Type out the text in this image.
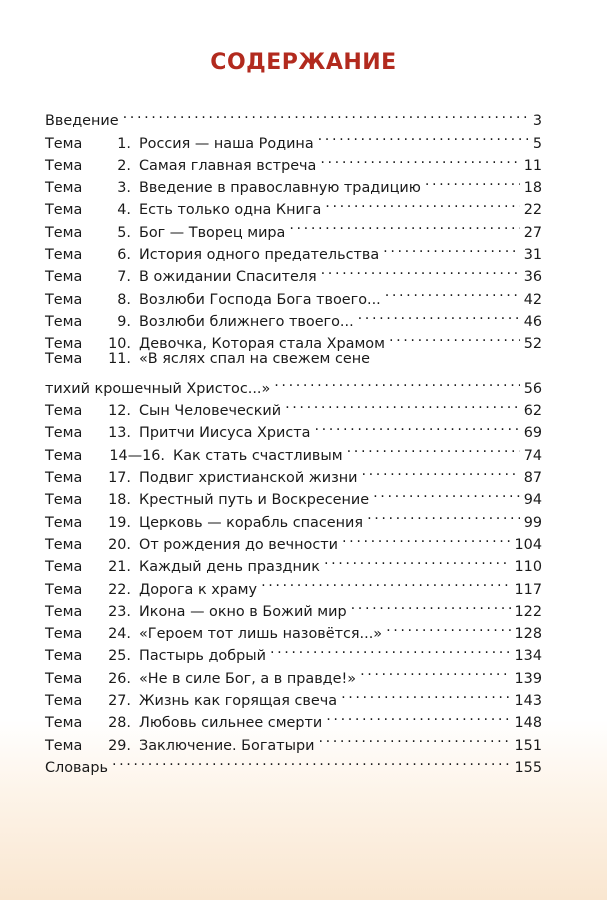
СОДЕРЖАНИЕ
Введение . . .	3
Тема	1. Россия — наша Родина . . .	5
Тема	2. Самая главная встреча . . .	11
Тема	3. Введение в православную традицию . . .	18
Тема	4. Есть только одна Книга . . .	22
Тема	5. Бог — Творец мира . . .	27
Тема	6. История одного предательства . . .	31
Тема	7. В ожидании Спасителя . . .	36
Тема	8. Возлюби Господа Бога твоего... . . .	42
Тема	9. Возлюби ближнего твоего... . . .	46
Тема	10. Девочка, Которая стала Храмом . . .	52
Тема	11. «В яслях спал на свежем сене
тихий крошечный Христос...» . . .	56
Тема	12. Сын Человеческий . . .	62
Тема	13. Притчи Иисуса Христа . . .	69
Тема	14—16. Как стать счастливым . . .	74
Тема	17. Подвиг христианской жизни . . .	87
Тема	18. Крестный путь и Воскресение . . .	94
Тема	19. Церковь — корабль спасения . . .	99
Тема	20. От рождения до вечности . . .	104
Тема	21. Каждый день праздник . . .	110
Тема	22. Дорога к храму . . .	117
Тема	23. Икона — окно в Божий мир . . .	122
Тема	24. «Героем тот лишь назовётся...» . . .	128
Тема	25. Пастырь добрый . . .	134
Тема	26. «Не в силе Бог, а в правде!» . . .	139
Тема	27. Жизнь как горящая свеча . . .	143
Тема	28. Любовь сильнее смерти . . .	148
Тема	29. Заключение. Богатыри . . .	151
Словарь . . .	155
